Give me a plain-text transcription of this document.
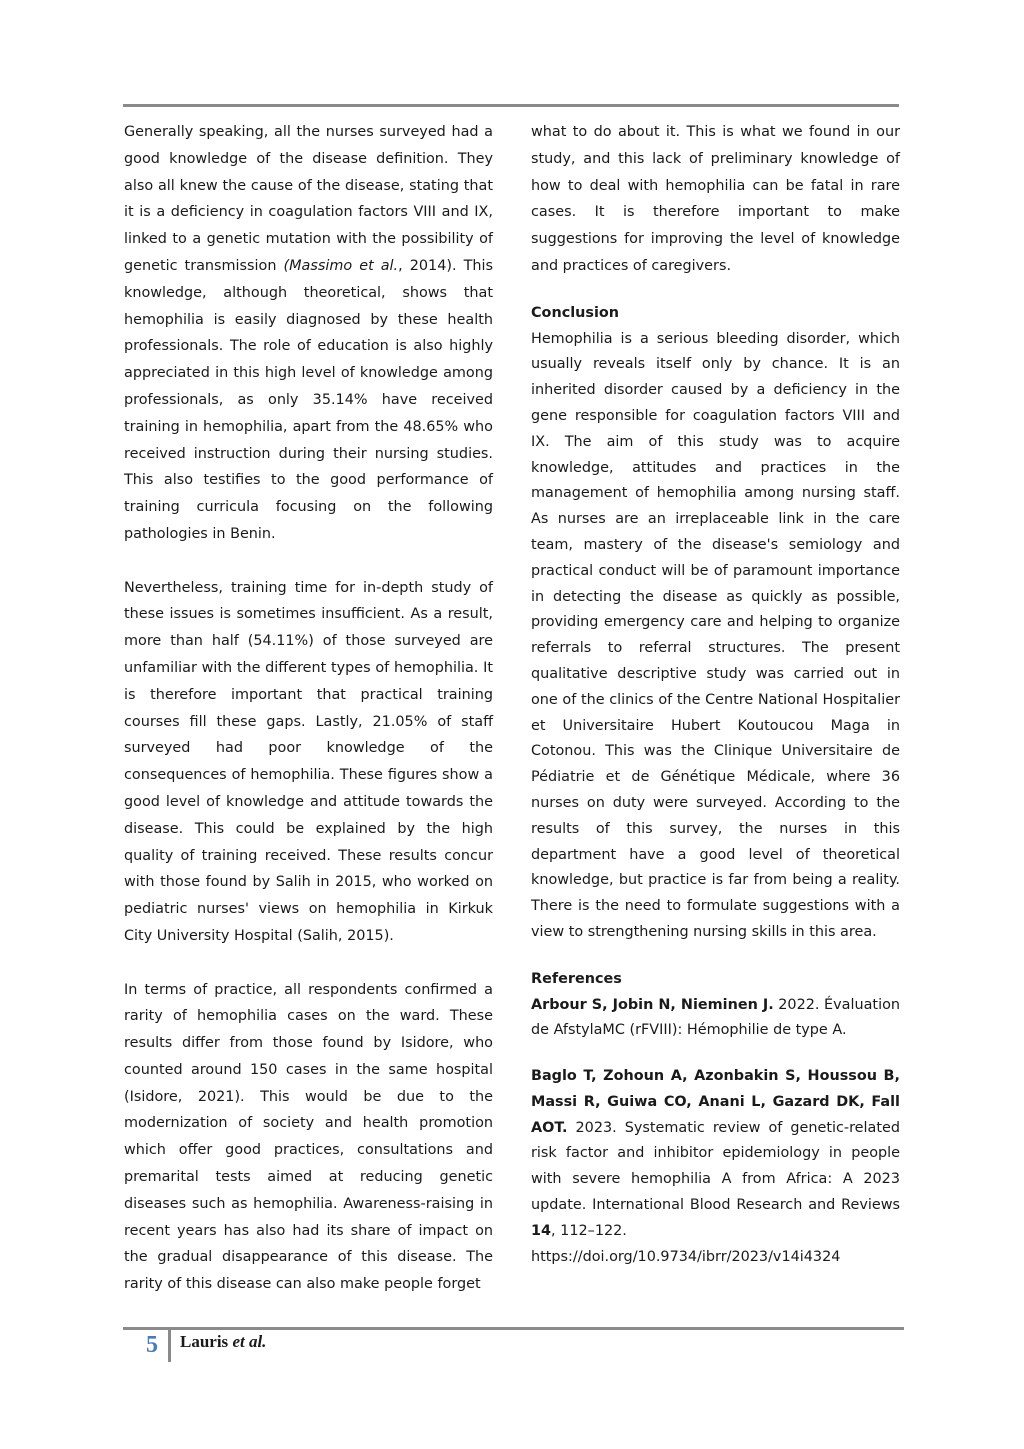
Generally speaking, all the nurses surveyed had a good knowledge of the disease definition. They also all knew the cause of the disease, stating that it is a deficiency in coagulation factors VIII and IX, linked to a genetic mutation with the possibility of genetic transmission (Massimo et al., 2014). This knowledge, although theoretical, shows that hemophilia is easily diagnosed by these health professionals. The role of education is also highly appreciated in this high level of knowledge among professionals, as only 35.14% have received training in hemophilia, apart from the 48.65% who received instruction during their nursing studies. This also testifies to the good performance of training curricula focusing on the following pathologies in Benin.

Nevertheless, training time for in-depth study of these issues is sometimes insufficient. As a result, more than half (54.11%) of those surveyed are unfamiliar with the different types of hemophilia. It is therefore important that practical training courses fill these gaps. Lastly, 21.05% of staff surveyed had poor knowledge of the consequences of hemophilia. These figures show a good level of knowledge and attitude towards the disease. This could be explained by the high quality of training received. These results concur with those found by Salih in 2015, who worked on pediatric nurses' views on hemophilia in Kirkuk City University Hospital (Salih, 2015).

In terms of practice, all respondents confirmed a rarity of hemophilia cases on the ward. These results differ from those found by Isidore, who counted around 150 cases in the same hospital (Isidore, 2021). This would be due to the modernization of society and health promotion which offer good practices, consultations and premarital tests aimed at reducing genetic diseases such as hemophilia. Awareness-raising in recent years has also had its share of impact on the gradual disappearance of this disease. The rarity of this disease can also make people forget

what to do about it. This is what we found in our study, and this lack of preliminary knowledge of how to deal with hemophilia can be fatal in rare cases. It is therefore important to make suggestions for improving the level of knowledge and practices of caregivers.

Conclusion

Hemophilia is a serious bleeding disorder, which usually reveals itself only by chance. It is an inherited disorder caused by a deficiency in the gene responsible for coagulation factors VIII and IX. The aim of this study was to acquire knowledge, attitudes and practices in the management of hemophilia among nursing staff. As nurses are an irreplaceable link in the care team, mastery of the disease's semiology and practical conduct will be of paramount importance in detecting the disease as quickly as possible, providing emergency care and helping to organize referrals to referral structures. The present qualitative descriptive study was carried out in one of the clinics of the Centre National Hospitalier et Universitaire Hubert Koutoucou Maga in Cotonou. This was the Clinique Universitaire de Pédiatrie et de Génétique Médicale, where 36 nurses on duty were surveyed. According to the results of this survey, the nurses in this department have a good level of theoretical knowledge, but practice is far from being a reality. There is the need to formulate suggestions with a view to strengthening nursing skills in this area.

References

Arbour S, Jobin N, Nieminen J. 2022. Évaluation de AfstylaMC (rFVIII): Hémophilie de type A.

Baglo T, Zohoun A, Azonbakin S, Houssou B, Massi R, Guiwa CO, Anani L, Gazard DK, Fall AOT. 2023. Systematic review of genetic-related risk factor and inhibitor epidemiology in people with severe hemophilia A from Africa: A 2023 update. International Blood Research and Reviews 14, 112–122.
https://doi.org/10.9734/ibrr/2023/v14i4324

5 Lauris et al.
